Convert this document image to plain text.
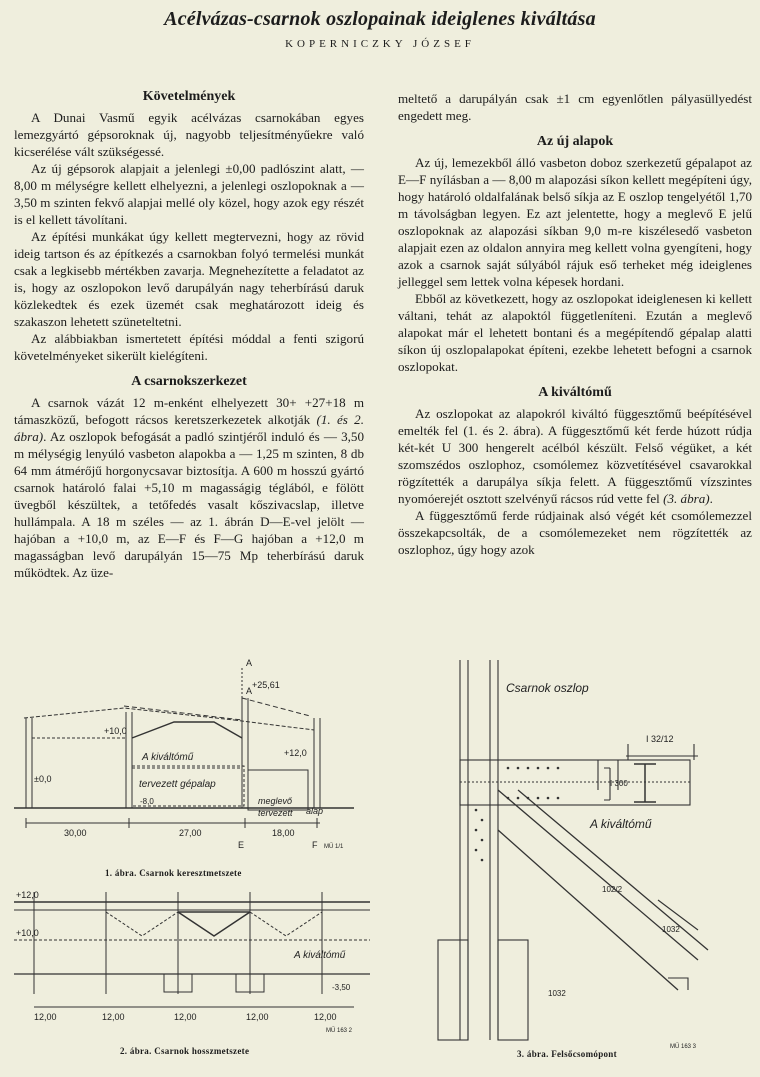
Acélvázas-csarnok oszlopainak ideiglenes kiváltása
KOPERNICZKY JÓZSEF
Követelmények

A Dunai Vasmű egyik acélvázas csarnokában egyes lemezgyártó gépsoroknak új, nagyobb teljesítményűekre való kicserélése vált szükségessé.

Az új gépsorok alapjait a jelenlegi ±0,00 padlószint alatt, — 8,00 m mélységre kellett elhelyezni, a jelenlegi oszlopoknak a —3,50 m szinten fekvő alapjai mellé oly közel, hogy azok egy részét is el kellett távolítani.

Az építési munkákat úgy kellett megtervezni, hogy az rövid ideig tartson és az építkezés a csarnokban folyó termelési munkát csak a legkisebb mértékben zavarja. Megnehezítette a feladatot az is, hogy az oszlopokon levő darupályán nagy teherbírású daruk közlekedtek és ezek üzemét csak meghatározott ideig és szakaszon lehetett szüneteltetni.

Az alábbiakban ismertetett építési móddal a fenti szigorú követelményeket sikerült kielégíteni.

A csarnokszerkezet

A csarnok vázát 12 m-enként elhelyezett 30+ +27+18 m támaszközű, befogott rácsos keretszerkezetek alkotják (1. és 2. ábra). Az oszlopok befogását a padló szintjéről induló és — 3,50 m mélységig lenyúló vasbeton alapokba a — 1,25 m szinten, 8 db 64 mm átmérőjű horgonycsavar biztosítja. A 600 m hosszú gyártó csarnok határoló falai +5,10 m magasságig téglából, e fölött üvegből készültek, a tetőfedés vasalt kőszivacslap, illetve hullámpala. A 18 m széles — az 1. ábrán D—E-vel jelölt — hajóban a +10,0 m, az E—F és F—G hajóban a +12,0 m magasságban levő darupályán 15—75 Mp teherbírású daruk működtek. Az üze-

meltető a darupályán csak ±1 cm egyenlőtlen pályasüllyedést engedett meg.

Az új alapok

Az új, lemezekből álló vasbeton doboz szerkezetű gépalapot az E—F nyílásban a — 8,00 m alapozási síkon kellett megépíteni úgy, hogy határoló oldalfalának belső síkja az E oszlop tengelyétől 1,70 m távolságban legyen. Ez azt jelentette, hogy a meglevő E jelű oszlopoknak az alapozási síkban 9,0 m-re kiszélesedő vasbeton alapjait ezen az oldalon annyira meg kellett volna gyengíteni, hogy azok a csarnok saját súlyából rájuk eső terheket még ideiglenes jelleggel sem lettek volna képesek hordani.

Ebből az következett, hogy az oszlopokat ideiglenesen ki kellett váltani, tehát az alapoktól függetleníteni. Ezután a meglevő alapokat már el lehetett bontani és a megépítendő gépalap alatti síkon új oszlopalapokat építeni, ezekbe lehetett befogni a csarnok oszlopokat.

A kiváltómű

Az oszlopokat az alapokról kiváltó függesztőmű beépítésével emelték fel (1. és 2. ábra). A függesztőmű két ferde húzott rúdja két-két U 300 hengerelt acélból készült. Felső végüket, a két szomszédos oszlophoz, csomólemez közvetítésével csavarokkal rögzítették a darupálya síkja felett. A függesztőmű vízszintes nyomóerejét osztott szelvényű rácsos rúd vette fel (3. ábra).

A függesztőmű ferde rúdjainak alsó végét két csomólemezzel összekapcsolták, de a csomólemezeket nem rögzítették az oszlophoz, úgy hogy azok

A
A
+25,61
±0,0
A kiváltómű
tervezett gépalap
+12,0
+10,0
meglevő
tervezett alap
-8,0
30,00	27,00	18,00
E	F MŰ 1/1
1. ábra. Csarnok keresztmetszete
+12,0
+10,0
A kiváltómű
-3,50
12,00	12,00	12,00	12,00	12,00
MŰ 163 2
2. ábra. Csarnok hosszmetszete
Csarnok oszlop
A kiváltómű
I 32/12
I 300
102/2
1032
1032
MŰ 163 3
3. ábra. Felsőcsomópont
